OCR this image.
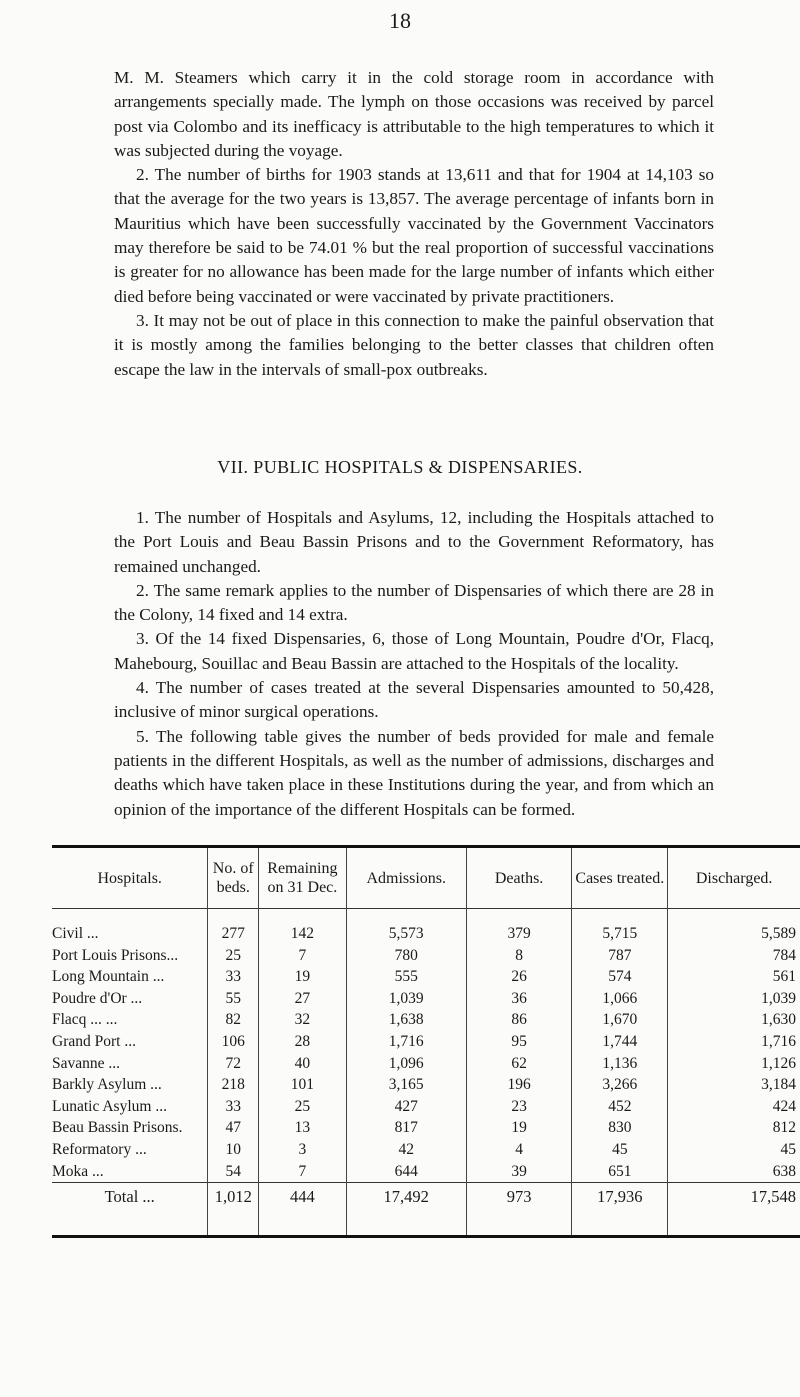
18

M. M. Steamers which carry it in the cold storage room in accordance with arrangements specially made. The lymph on those occasions was received by parcel post via Colombo and its inefficacy is attributable to the high temperatures to which it was subjected during the voyage.

2. The number of births for 1903 stands at 13,611 and that for 1904 at 14,103 so that the average for the two years is 13,857. The average percentage of infants born in Mauritius which have been successfully vaccinated by the Government Vaccinators may therefore be said to be 74.01 % but the real proportion of successful vaccinations is greater for no allowance has been made for the large number of infants which either died before being vaccinated or were vaccinated by private practitioners.

3. It may not be out of place in this connection to make the painful observation that it is mostly among the families belonging to the better classes that children often escape the law in the intervals of small-pox outbreaks.

VII. PUBLIC HOSPITALS & DISPENSARIES.

1. The number of Hospitals and Asylums, 12, including the Hospitals attached to the Port Louis and Beau Bassin Prisons and to the Government Reformatory, has remained unchanged.

2. The same remark applies to the number of Dispensaries of which there are 28 in the Colony, 14 fixed and 14 extra.

3. Of the 14 fixed Dispensaries, 6, those of Long Mountain, Poudre d'Or, Flacq, Mahebourg, Souillac and Beau Bassin are attached to the Hospitals of the locality.

4. The number of cases treated at the several Dispensaries amounted to 50,428, inclusive of minor surgical operations.

5. The following table gives the number of beds provided for male and female patients in the different Hospitals, as well as the number of admissions, discharges and deaths which have taken place in these Institutions during the year, and from which an opinion of the importance of the different Hospitals can be formed.

Hospitals.	No. of beds.	Remaining on 31 Dec.	Admissions.	Deaths.	Cases treated.	Discharged.
Civil ...	277	142	5,573	379	5,715	5,589
Port Louis Prisons...	25	7	780	8	787	784
Long Mountain ...	33	19	555	26	574	561
Poudre d'Or ...	55	27	1,039	36	1,066	1,039
Flacq ... ...	82	32	1,638	86	1,670	1,630
Grand Port ...	106	28	1,716	95	1,744	1,716
Savanne ...	72	40	1,096	62	1,136	1,126
Barkly Asylum ...	218	101	3,165	196	3,266	3,184
Lunatic Asylum ...	33	25	427	23	452	424
Beau Bassin Prisons.	47	13	817	19	830	812
Reformatory ...	10	3	42	4	45	45
Moka ...	54	7	644	39	651	638
Total ...	1,012	444	17,492	973	17,936	17,548
